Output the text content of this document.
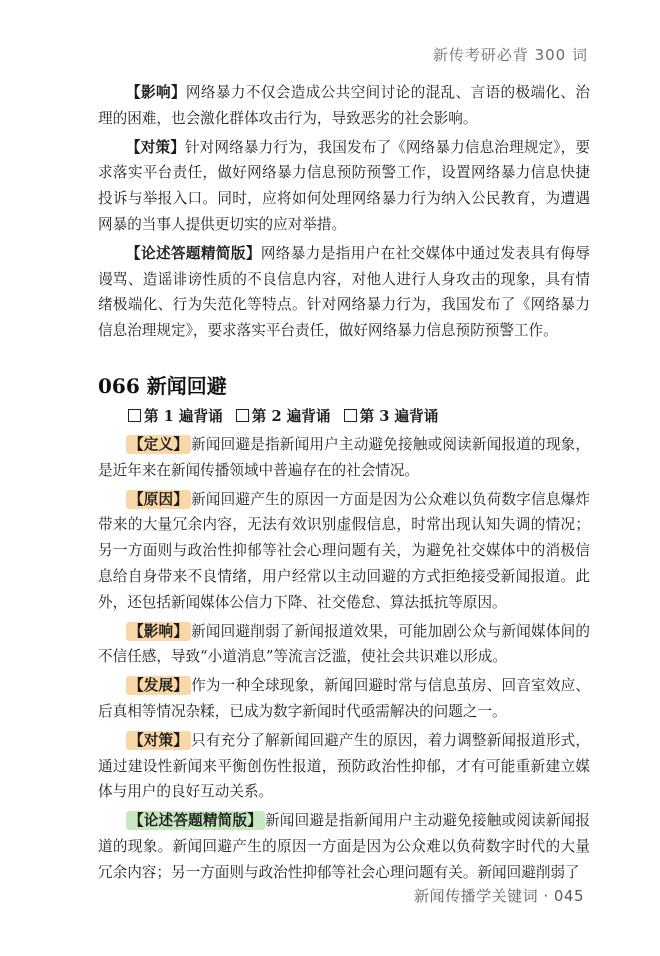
新传考研必背 300 词

【影响】网络暴力不仅会造成公共空间讨论的混乱、言语的极端化、治理的困难，也会激化群体攻击行为，导致恶劣的社会影响。

【对策】针对网络暴力行为，我国发布了《网络暴力信息治理规定》，要求落实平台责任，做好网络暴力信息预防预警工作，设置网络暴力信息快捷投诉与举报入口。同时，应将如何处理网络暴力行为纳入公民教育，为遭遇网暴的当事人提供更切实的应对举措。

【论述答题精简版】网络暴力是指用户在社交媒体中通过发表具有侮辱谩骂、造谣诽谤性质的不良信息内容，对他人进行人身攻击的现象，具有情绪极端化、行为失范化等特点。针对网络暴力行为，我国发布了《网络暴力信息治理规定》，要求落实平台责任，做好网络暴力信息预防预警工作。

066 新闻回避
第 1 遍背诵 第 2 遍背诵 第 3 遍背诵

【定义】 新闻回避是指新闻用户主动避免接触或阅读新闻报道的现象，是近年来在新闻传播领域中普遍存在的社会情况。

【原因】 新闻回避产生的原因一方面是因为公众难以负荷数字信息爆炸带来的大量冗余内容，无法有效识别虚假信息，时常出现认知失调的情况；另一方面则与政治性抑郁等社会心理问题有关，为避免社交媒体中的消极信息给自身带来不良情绪，用户经常以主动回避的方式拒绝接受新闻报道。此外，还包括新闻媒体公信力下降、社交倦怠、算法抵抗等原因。

【影响】 新闻回避削弱了新闻报道效果，可能加剧公众与新闻媒体间的不信任感，导致“小道消息”等流言泛滥，使社会共识难以形成。

【发展】 作为一种全球现象，新闻回避时常与信息茧房、回音室效应、后真相等情况杂糅，已成为数字新闻时代亟需解决的问题之一。

【对策】 只有充分了解新闻回避产生的原因，着力调整新闻报道形式，通过建设性新闻来平衡创伤性报道，预防政治性抑郁，才有可能重新建立媒体与用户的良好互动关系。

【论述答题精简版】 新闻回避是指新闻用户主动避免接触或阅读新闻报道的现象。新闻回避产生的原因一方面是因为公众难以负荷数字时代的大量冗余内容；另一方面则与政治性抑郁等社会心理问题有关。新闻回避削弱了

新闻传播学关键词 · 045
